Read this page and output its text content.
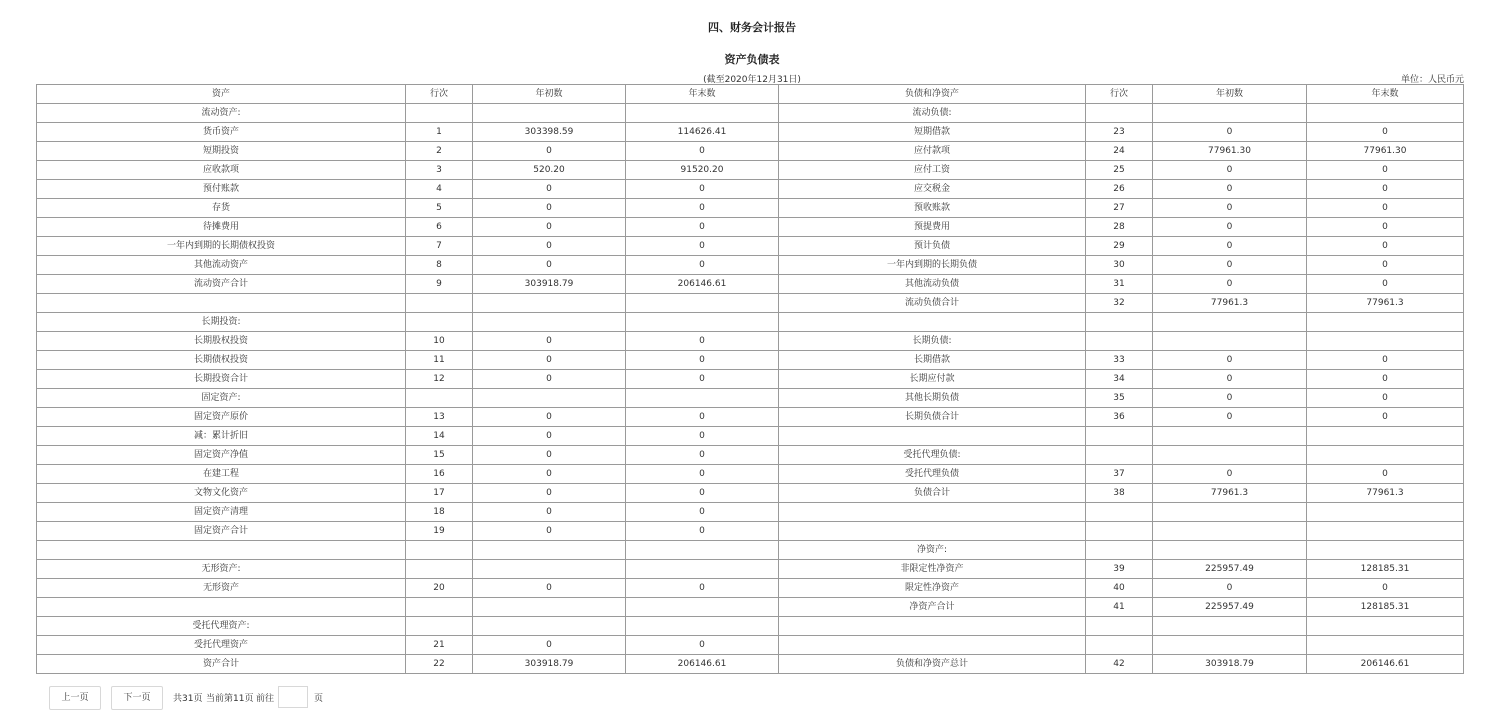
四、财务会计报告
资产负债表
(截至2020年12月31日)	单位：人民币元
资产	行次	年初数	年末数	负债和净资产	行次	年初数	年末数
流动资产:				流动负债:			
货币资产	1	303398.59	114626.41	短期借款	23	0	0
短期投资	2	0	0	应付款项	24	77961.30	77961.30
应收款项	3	520.20	91520.20	应付工资	25	0	0
预付账款	4	0	0	应交税金	26	0	0
存货	5	0	0	预收账款	27	0	0
待摊费用	6	0	0	预提费用	28	0	0
一年内到期的长期债权投资	7	0	0	预计负债	29	0	0
其他流动资产	8	0	0	一年内到期的长期负债	30	0	0
流动资产合计	9	303918.79	206146.61	其他流动负债	31	0	0
				流动负债合计	32	77961.3	77961.3
长期投资:							
长期股权投资	10	0	0	长期负债:			
长期债权投资	11	0	0	长期借款	33	0	0
长期投资合计	12	0	0	长期应付款	34	0	0
固定资产:				其他长期负债	35	0	0
固定资产原价	13	0	0	长期负债合计	36	0	0
减：累计折旧	14	0	0				
固定资产净值	15	0	0	受托代理负债:			
在建工程	16	0	0	受托代理负债	37	0	0
文物文化资产	17	0	0	负债合计	38	77961.3	77961.3
固定资产清理	18	0	0				
固定资产合计	19	0	0				
				净资产:			
无形资产:				非限定性净资产	39	225957.49	128185.31
无形资产	20	0	0	限定性净资产	40	0	0
				净资产合计	41	225957.49	128185.31
受托代理资产:							
受托代理资产	21	0	0				
资产合计	22	303918.79	206146.61	负债和净资产总计	42	303918.79	206146.61
上一页	下一页	共31页 当前第11页 前往	页
